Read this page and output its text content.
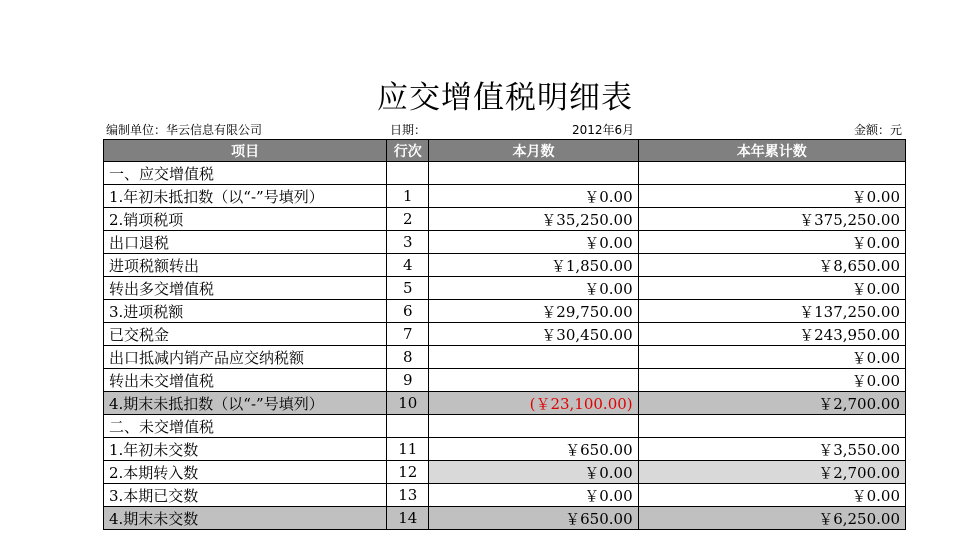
应交增值税明细表
编制单位：华云信息有限公司	日期：	2012年6月	金额：元
项目	行次	本月数	本年累计数
一、应交增值税			
1.年初未抵扣数（以“-”号填列）	1	￥0.00	￥0.00
2.销项税项	2	￥35,250.00	￥375,250.00
出口退税	3	￥0.00	￥0.00
进项税额转出	4	￥1,850.00	￥8,650.00
转出多交增值税	5	￥0.00	￥0.00
3.进项税额	6	￥29,750.00	￥137,250.00
已交税金	7	￥30,450.00	￥243,950.00
出口抵减内销产品应交纳税额	8		￥0.00
转出未交增值税	9		￥0.00
4.期末未抵扣数（以“-”号填列）	10	(￥23,100.00)	￥2,700.00
二、未交增值税			
1.年初未交数	11	￥650.00	￥3,550.00
2.本期转入数	12	￥0.00	￥2,700.00
3.本期已交数	13	￥0.00	￥0.00
4.期末未交数	14	￥650.00	￥6,250.00
